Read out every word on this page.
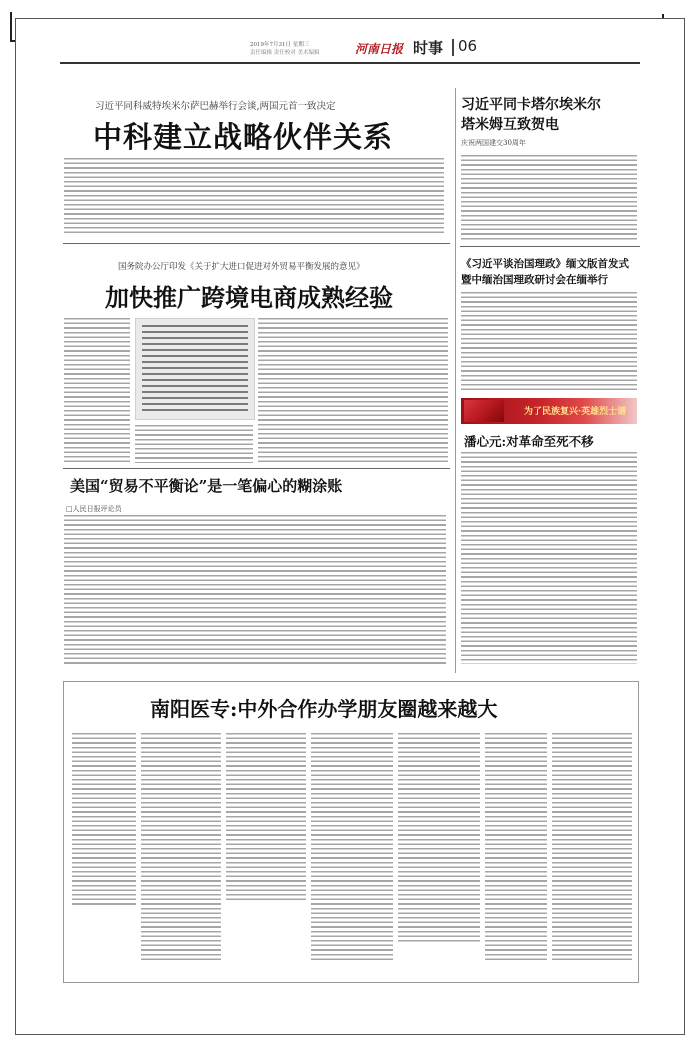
2019年7月31日 星期三
责任编辑 责任校对 美术编辑	河南日报 时事 06
习近平同科威特埃米尔萨巴赫举行会谈,两国元首一致决定
中科建立战略伙伴关系
国务院办公厅印发《关于扩大进口促进对外贸易平衡发展的意见》
加快推广跨境电商成熟经验
美国“贸易不平衡论”是一笔偏心的糊涂账
□人民日报评论员
习近平同卡塔尔埃米尔
塔米姆互致贺电
庆祝两国建交30周年
《习近平谈治国理政》缅文版首发式
暨中缅治国理政研讨会在缅举行
为了民族复兴·英雄烈士谱
潘心元:对革命至死不移
南阳医专:中外合作办学朋友圈越来越大
